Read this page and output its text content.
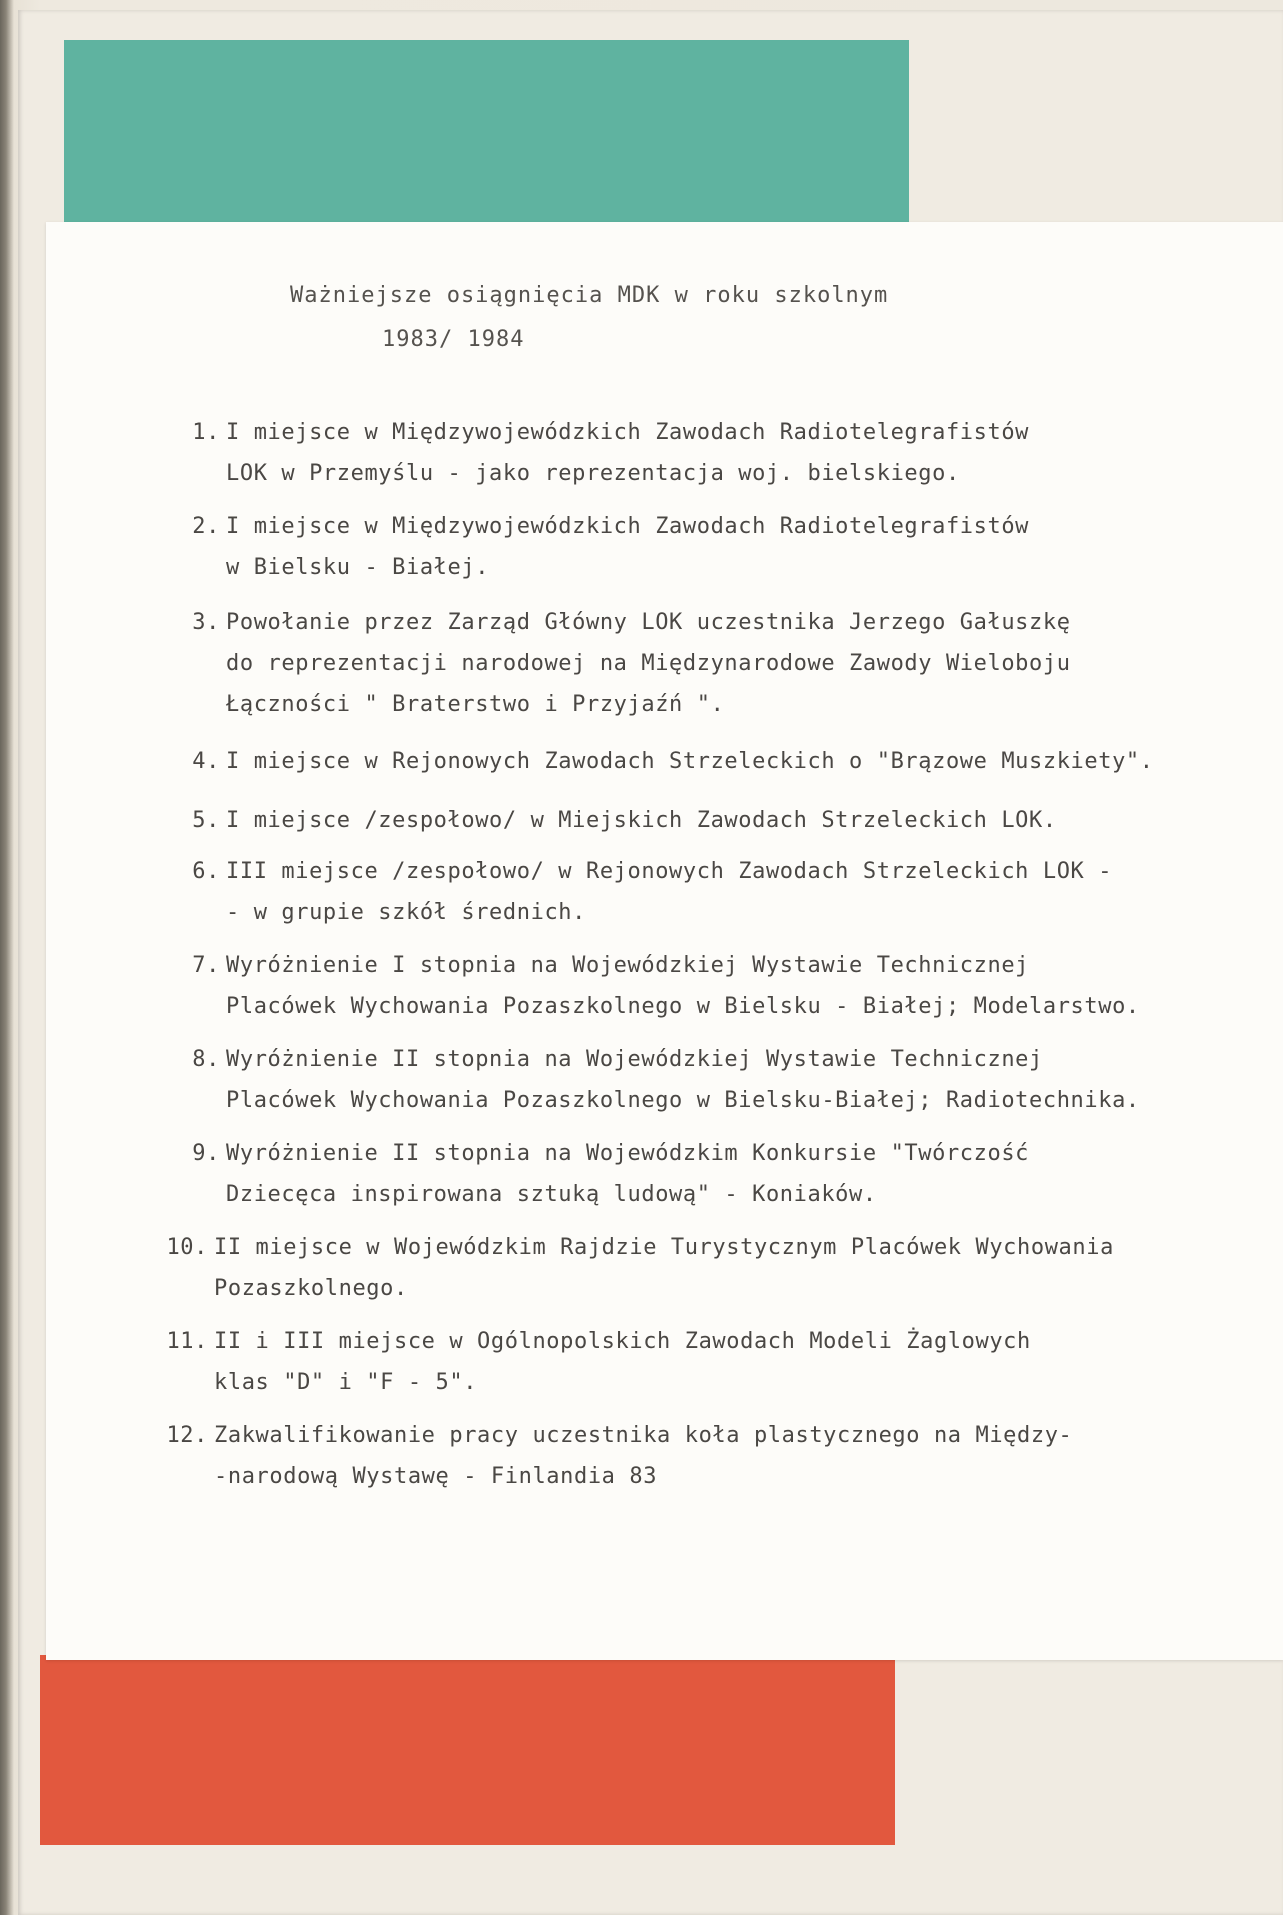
Ważniejsze osiągnięcia MDK w roku szkolnym
1983/ 1984
1. I miejsce w Międzywojewódzkich Zawodach Radiotelegrafistów
LOK w Przemyślu - jako reprezentacja woj. bielskiego.
2. I miejsce w Międzywojewódzkich Zawodach Radiotelegrafistów
w Bielsku - Białej.
3. Powołanie przez Zarząd Główny LOK uczestnika Jerzego Gałuszkę
do reprezentacji narodowej na Międzynarodowe Zawody Wieloboju
Łączności " Braterstwo i Przyjaźń ".
4. I miejsce w Rejonowych Zawodach Strzeleckich o "Brązowe Muszkiety".
5. I miejsce /zespołowo/ w Miejskich Zawodach Strzeleckich LOK.
6. III miejsce /zespołowo/ w Rejonowych Zawodach Strzeleckich LOK -
- w grupie szkół średnich.
7. Wyróżnienie I stopnia na Wojewódzkiej Wystawie Technicznej
Placówek Wychowania Pozaszkolnego w Bielsku - Białej; Modelarstwo.
8. Wyróżnienie II stopnia na Wojewódzkiej Wystawie Technicznej
Placówek Wychowania Pozaszkolnego w Bielsku-Białej; Radiotechnika.
9. Wyróżnienie II stopnia na Wojewódzkim Konkursie "Twórczość
Dziecęca inspirowana sztuką ludową" - Koniaków.
10. II miejsce w Wojewódzkim Rajdzie Turystycznym Placówek Wychowania
Pozaszkolnego.
11. II i III miejsce w Ogólnopolskich Zawodach Modeli Żaglowych
klas "D" i "F - 5".
12. Zakwalifikowanie pracy uczestnika koła plastycznego na Między-
-narodową Wystawę - Finlandia 83
